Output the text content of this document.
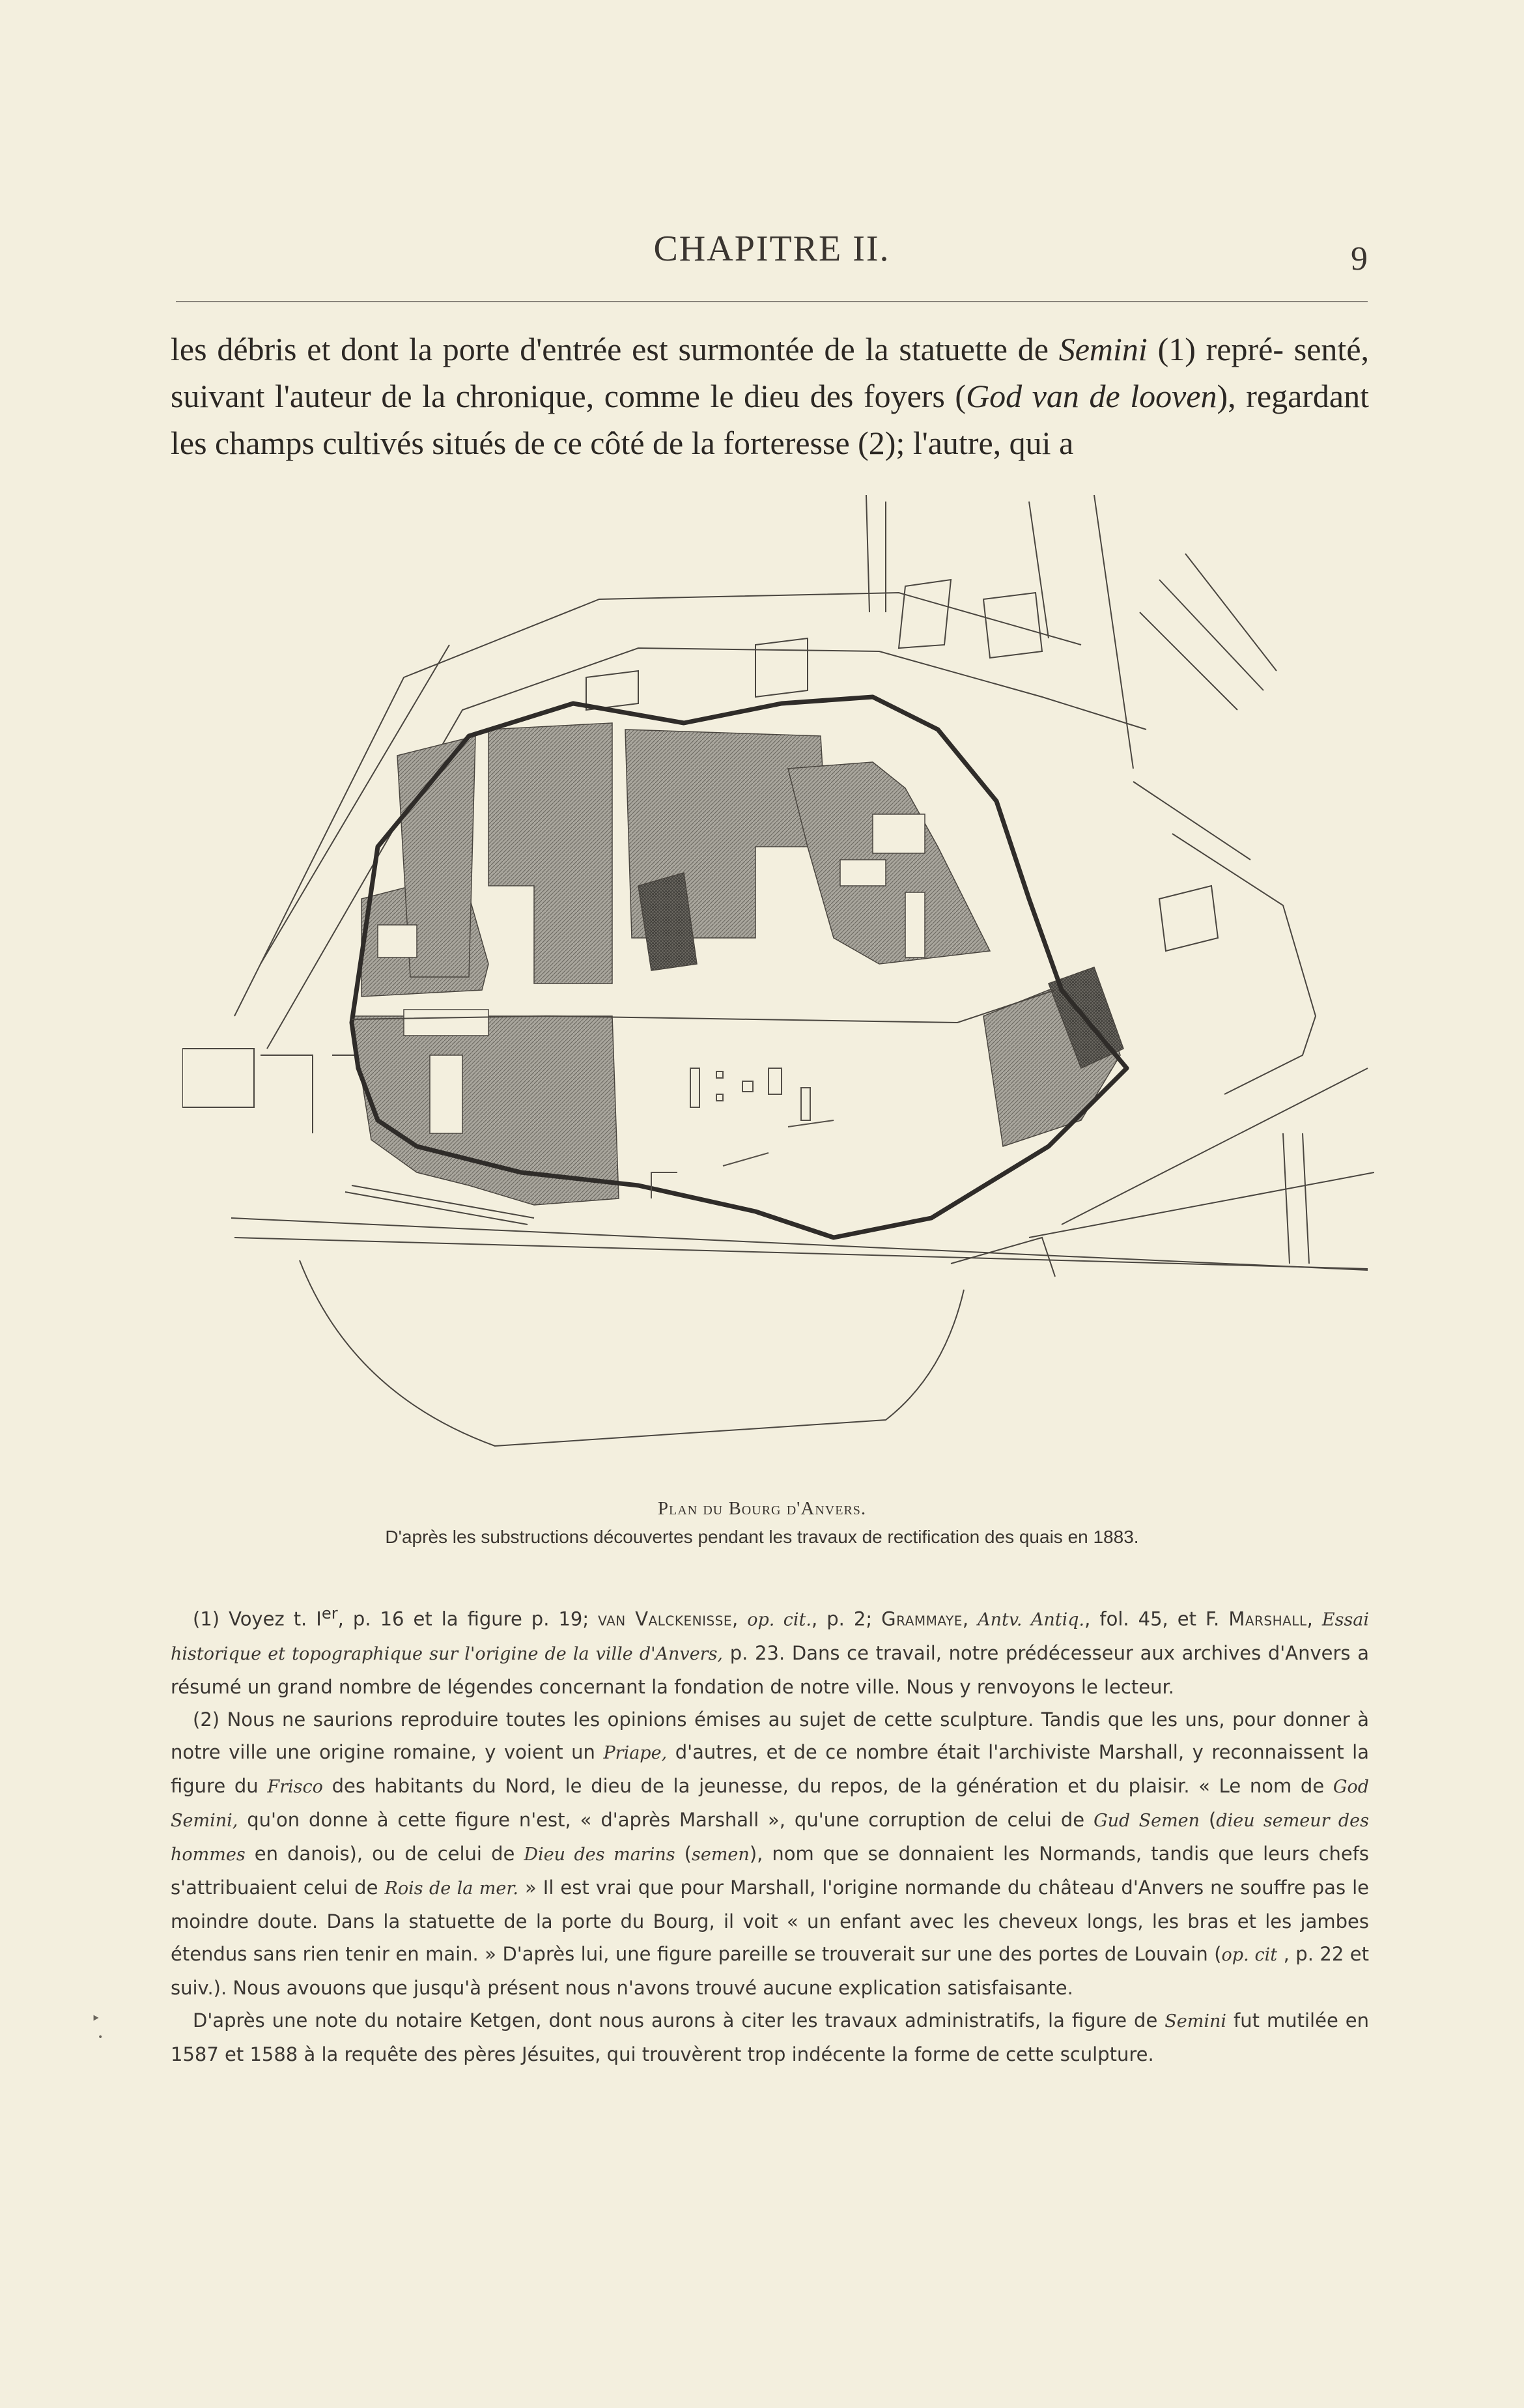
CHAPITRE II.	9
les débris et dont la porte d'entrée est surmontée de la statuette de Semini (1) repré- senté, suivant l'auteur de la chronique, comme le dieu des foyers (God van de looven), regardant les champs cultivés situés de ce côté de la forteresse (2); l'autre, qui a
Plan du Bourg d'Anvers.
D'après les substructions découvertes pendant les travaux de rectification des quais en 1883.

(1) Voyez t. Ier, p. 16 et la figure p. 19; van Valckenisse, op. cit., p. 2; Grammaye, Antv. Antiq., fol. 45, et F. Marshall, Essai historique et topographique sur l'origine de la ville d'Anvers, p. 23. Dans ce travail, notre prédécesseur aux archives d'Anvers a résumé un grand nombre de légendes concernant la fondation de notre ville. Nous y renvoyons le lecteur.

(2) Nous ne saurions reproduire toutes les opinions émises au sujet de cette sculpture. Tandis que les uns, pour donner à notre ville une origine romaine, y voient un Priape, d'autres, et de ce nombre était l'archiviste Marshall, y reconnaissent la figure du Frisco des habitants du Nord, le dieu de la jeunesse, du repos, de la génération et du plaisir. « Le nom de God Semini, qu'on donne à cette figure n'est, « d'après Marshall », qu'une corruption de celui de Gud Semen (dieu semeur des hommes en danois), ou de celui de Dieu des marins (semen), nom que se donnaient les Normands, tandis que leurs chefs s'attribuaient celui de Rois de la mer. » Il est vrai que pour Marshall, l'origine normande du château d'Anvers ne souffre pas le moindre doute. Dans la statuette de la porte du Bourg, il voit « un enfant avec les cheveux longs, les bras et les jambes étendus sans rien tenir en main. » D'après lui, une figure pareille se trouverait sur une des portes de Louvain (op. cit , p. 22 et suiv.). Nous avouons que jusqu'à présent nous n'avons trouvé aucune explication satisfaisante.

D'après une note du notaire Ketgen, dont nous aurons à citer les travaux administratifs, la figure de Semini fut mutilée en 1587 et 1588 à la requête des pères Jésuites, qui trouvèrent trop indécente la forme de cette sculpture.

‣
•
